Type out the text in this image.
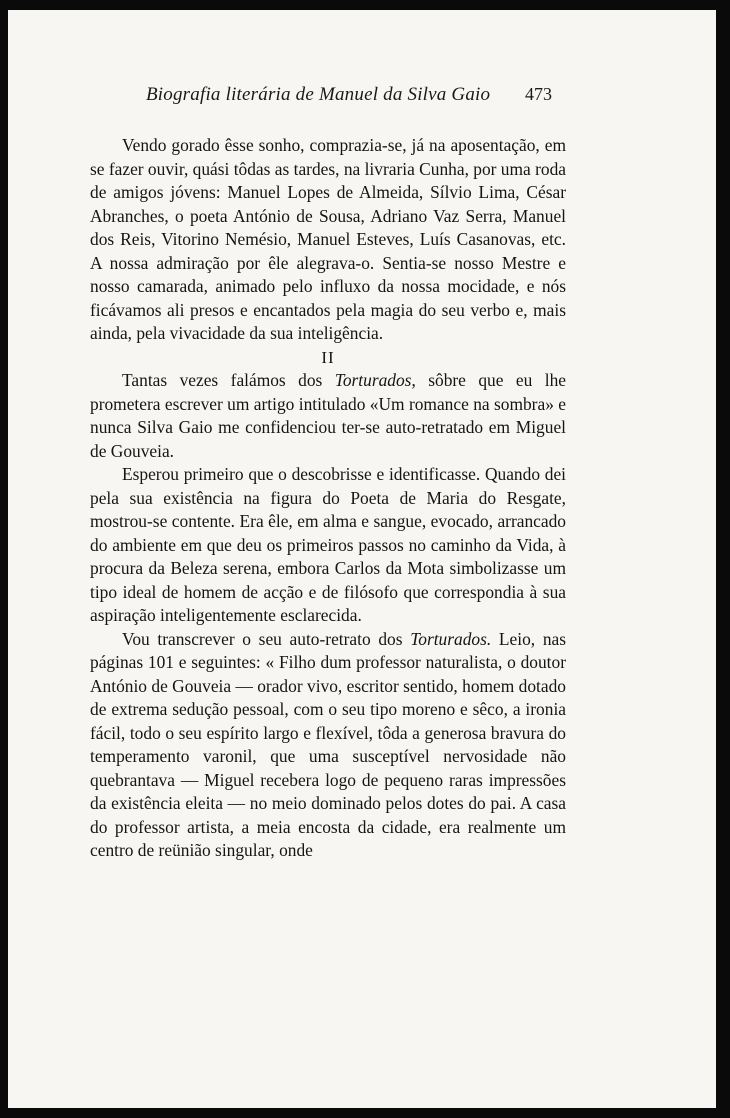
Biografia literária de Manuel da Silva Gaio 473

Vendo gorado êsse sonho, comprazia-se, já na aposentação, em se fazer ouvir, quási tôdas as tardes, na livraria Cunha, por uma roda de amigos jóvens: Manuel Lopes de Almeida, Sílvio Lima, César Abranches, o poeta António de Sousa, Adriano Vaz Serra, Manuel dos Reis, Vitorino Nemésio, Manuel Esteves, Luís Casanovas, etc. A nossa admiração por êle alegrava-o. Sentia-se nosso Mestre e nosso camarada, animado pelo influxo da nossa mocidade, e nós ficávamos ali presos e encantados pela magia do seu verbo e, mais ainda, pela vivacidade da sua inteligência.

II

Tantas vezes falámos dos Torturados, sôbre que eu lhe prometera escrever um artigo intitulado «Um romance na sombra» e nunca Silva Gaio me confidenciou ter-se auto-retratado em Miguel de Gouveia.

Esperou primeiro que o descobrisse e identificasse. Quando dei pela sua existência na figura do Poeta de Maria do Resgate, mostrou-se contente. Era êle, em alma e sangue, evocado, arrancado do ambiente em que deu os primeiros passos no caminho da Vida, à procura da Beleza serena, embora Carlos da Mota simbolizasse um tipo ideal de homem de acção e de filósofo que correspondia à sua aspiração inteligentemente esclarecida.

Vou transcrever o seu auto-retrato dos Torturados. Leio, nas páginas 101 e seguintes: « Filho dum professor naturalista, o doutor António de Gouveia — orador vivo, escritor sentido, homem dotado de extrema sedução pessoal, com o seu tipo moreno e sêco, a ironia fácil, todo o seu espírito largo e flexível, tôda a generosa bravura do temperamento varonil, que uma susceptível nervosidade não quebrantava — Miguel recebera logo de pequeno raras impressões da existência eleita — no meio dominado pelos dotes do pai. A casa do professor artista, a meia encosta da cidade, era realmente um centro de reünião singular, onde
